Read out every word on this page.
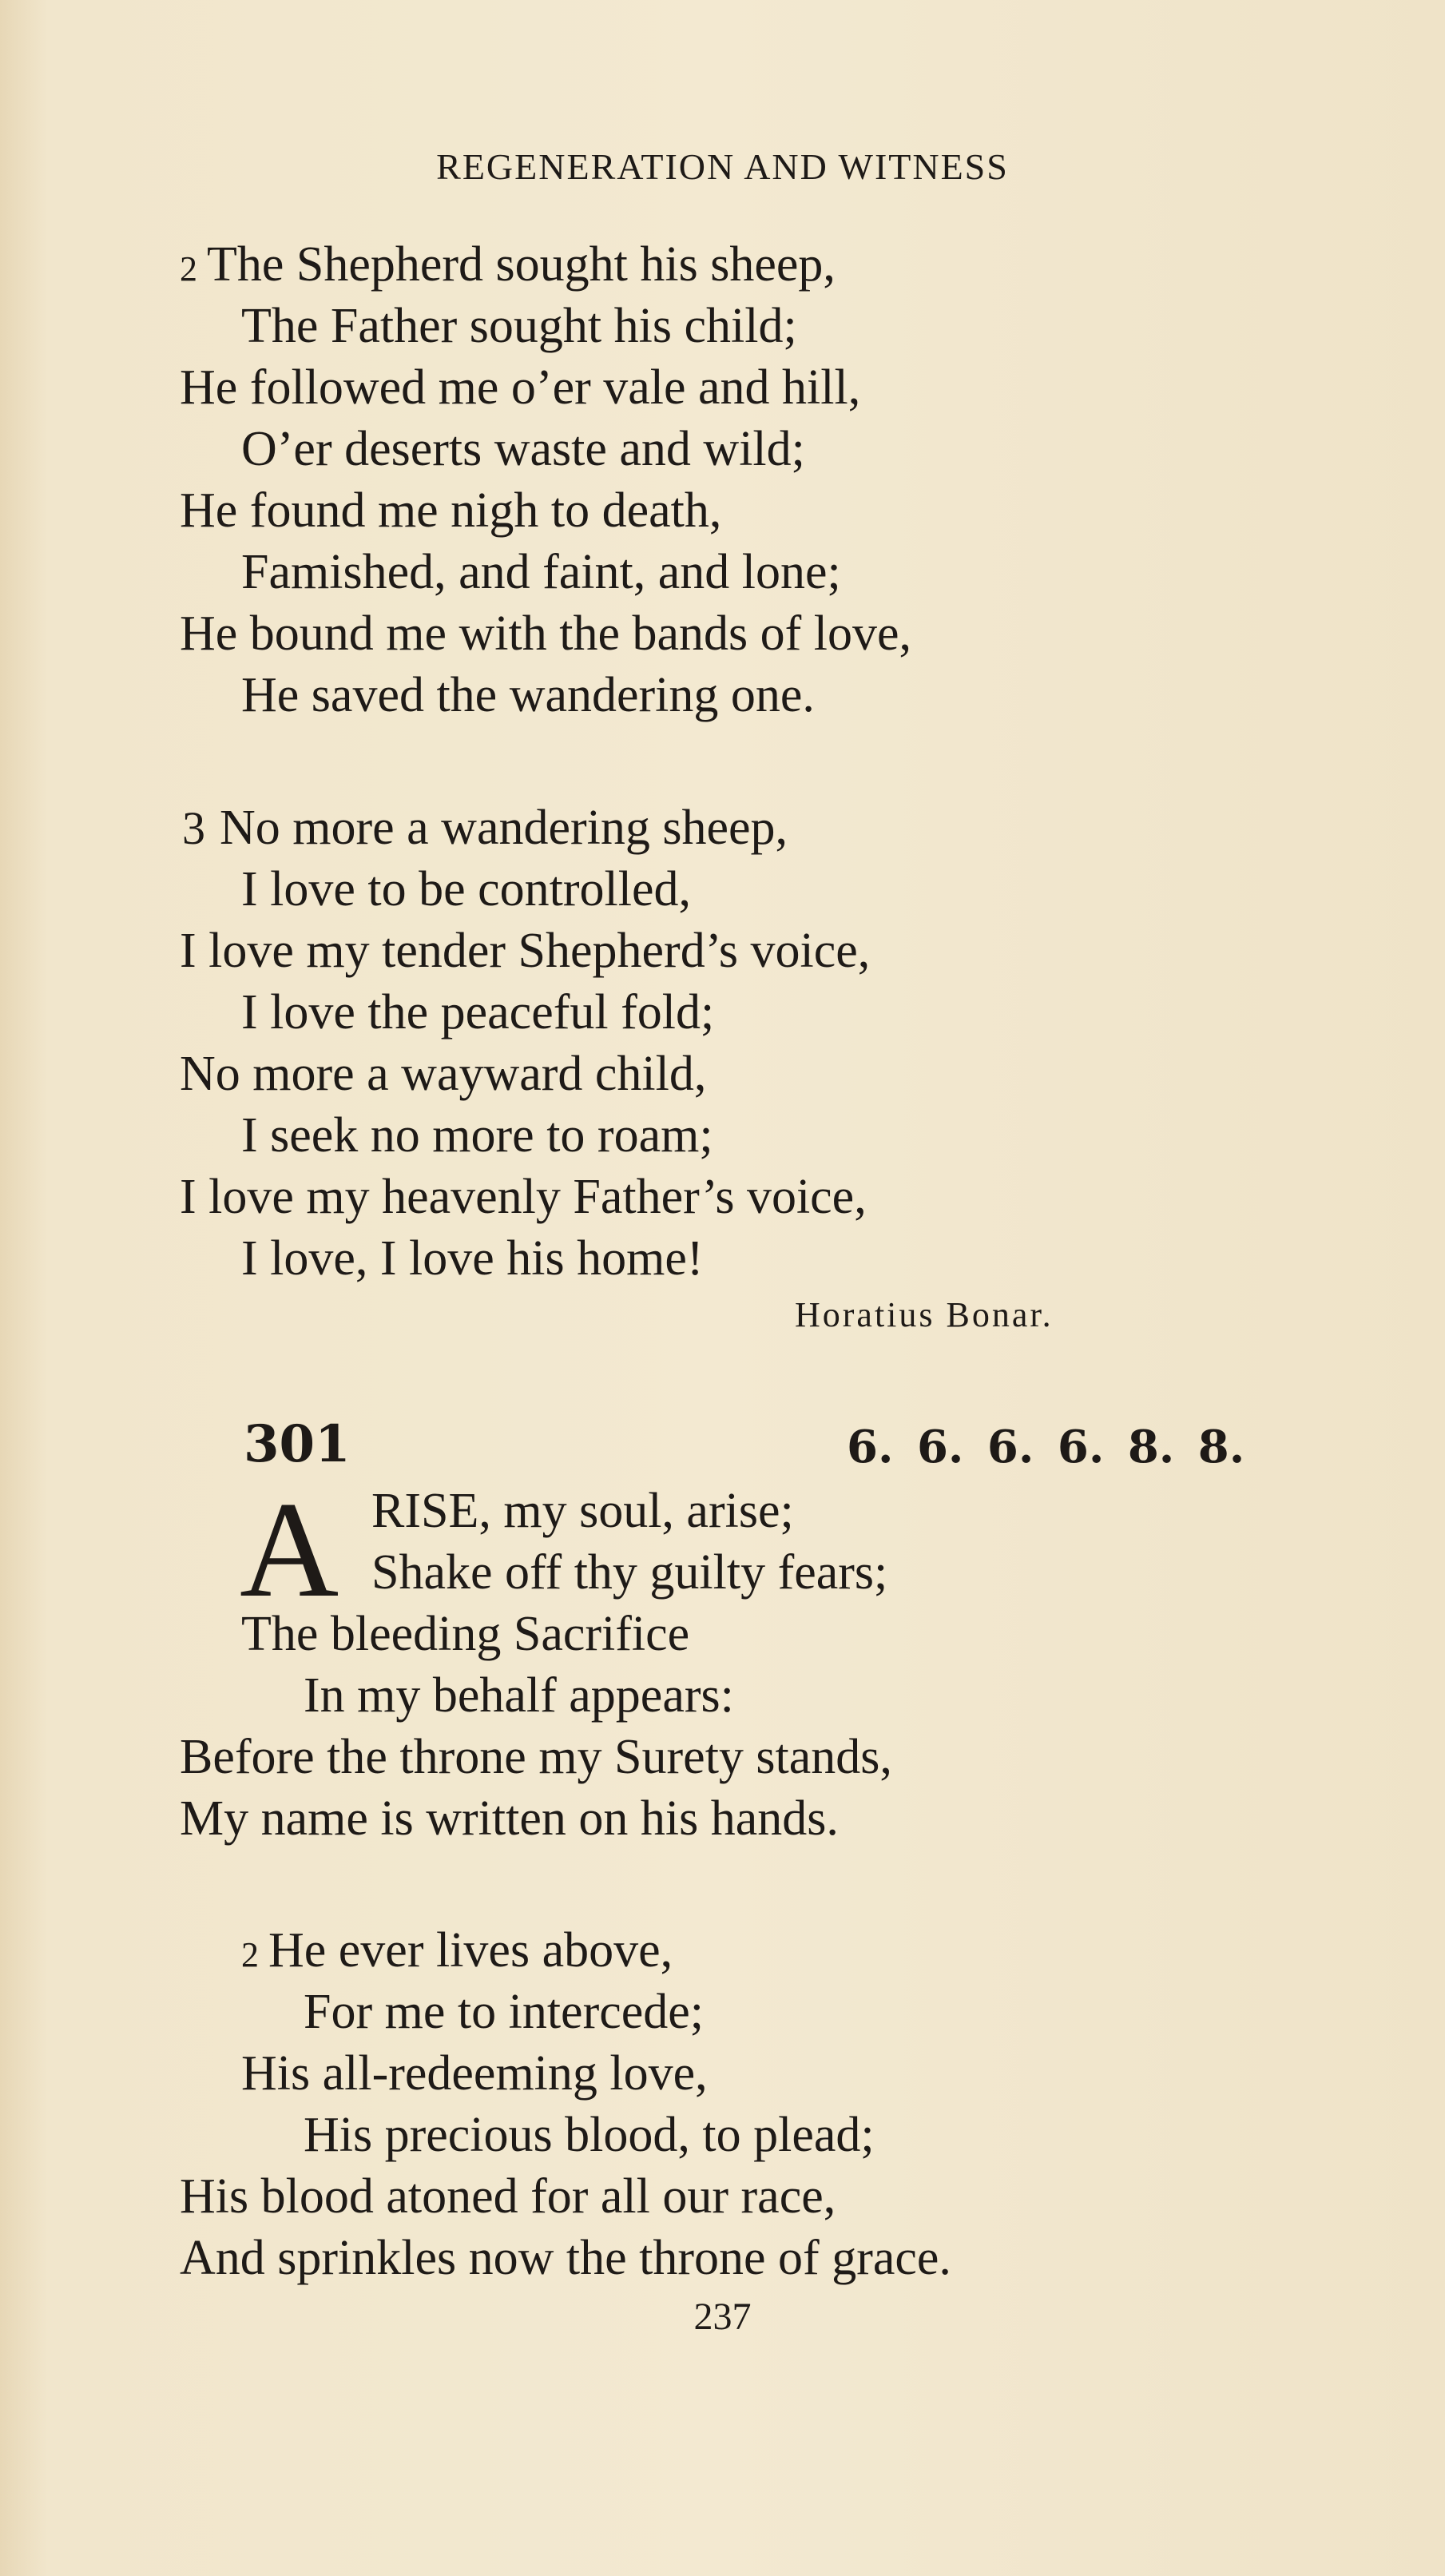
REGENERATION AND WITNESS
2 The Shepherd sought his sheep,
The Father sought his child;
He followed me o’er vale and hill,
O’er deserts waste and wild;
He found me nigh to death,
Famished, and faint, and lone;
He bound me with the bands of love,
He saved the wandering one.
3 No more a wandering sheep,
I love to be controlled,
I love my tender Shepherd’s voice,
I love the peaceful fold;
No more a wayward child,
I seek no more to roam;
I love my heavenly Father’s voice,
I love, I love his home!
Horatius Bonar.
301	6. 6. 6. 6. 8. 8.
A RISE, my soul, arise;
Shake off thy guilty fears;
The bleeding Sacrifice
In my behalf appears:
Before the throne my Surety stands,
My name is written on his hands.
2 He ever lives above,
For me to intercede;
His all-redeeming love,
His precious blood, to plead;
His blood atoned for all our race,
And sprinkles now the throne of grace.
237
